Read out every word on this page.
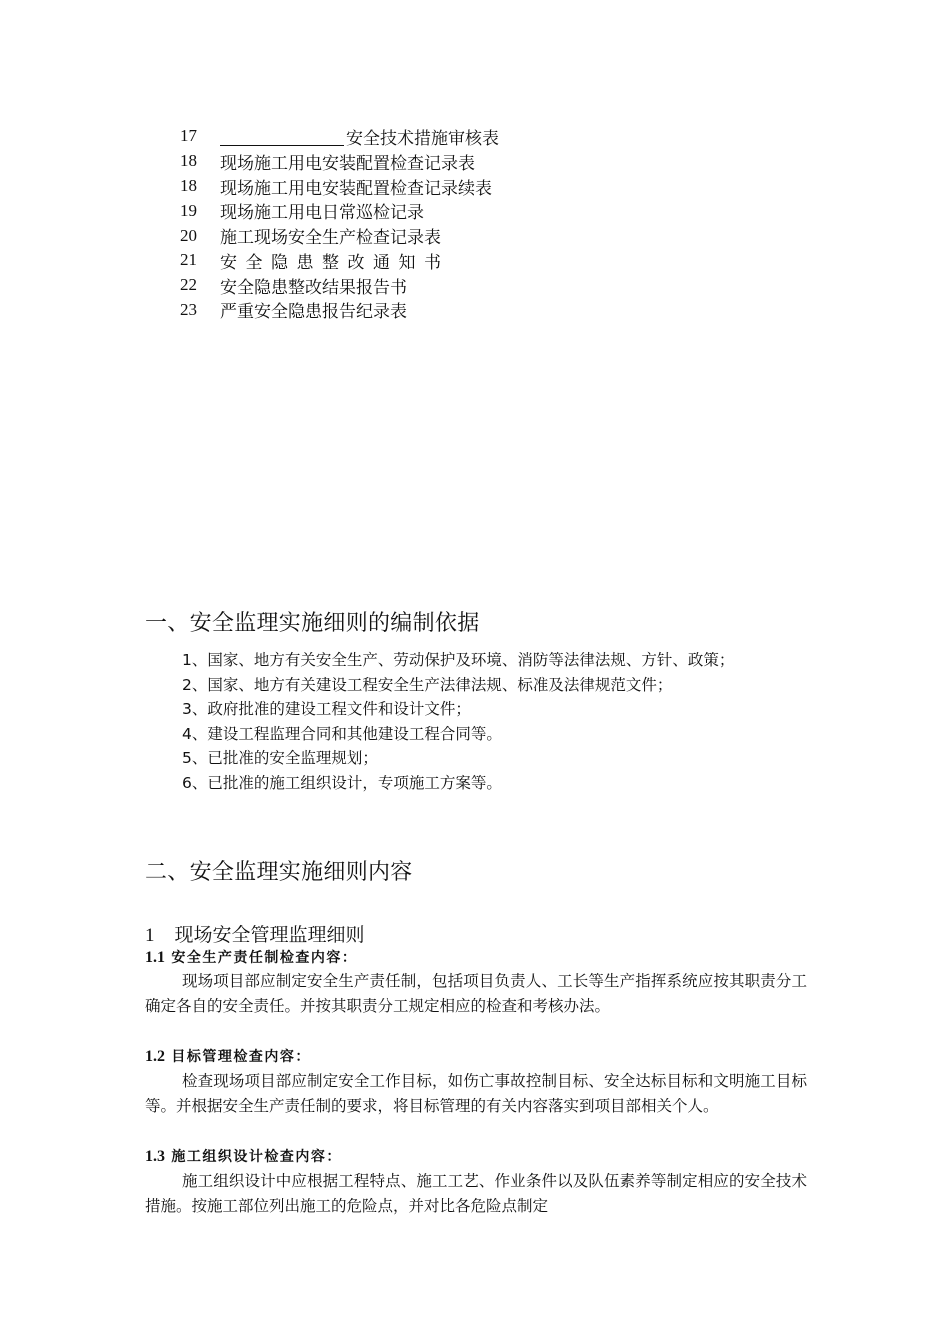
17	安全技术措施审核表
18	现场施工用电安装配置检查记录表
18	现场施工用电安装配置检查记录续表
19	现场施工用电日常巡检记录
20	施工现场安全生产检查记录表
21	安全隐患整改通知书
22	安全隐患整改结果报告书
23	严重安全隐患报告纪录表
一、安全监理实施细则的编制依据

1、国家、地方有关安全生产、劳动保护及环境、消防等法律法规、方针、政策；

2、国家、地方有关建设工程安全生产法律法规、标准及法律规范文件；

3、政府批准的建设工程文件和设计文件；

4、建设工程监理合同和其他建设工程合同等。

5、已批准的安全监理规划；

6、已批准的施工组织设计，专项施工方案等。

二、安全监理实施细则内容
1 现场安全管理监理细则
1.1 安全生产责任制检查内容：

现场项目部应制定安全生产责任制，包括项目负责人、工长等生产指挥系统应按其职责分工确定各自的安全责任。并按其职责分工规定相应的检查和考核办法。

1.2 目标管理检查内容：

检查现场项目部应制定安全工作目标，如伤亡事故控制目标、安全达标目标和文明施工目标等。并根据安全生产责任制的要求，将目标管理的有关内容落实到项目部相关个人。

1.3 施工组织设计检查内容：

施工组织设计中应根据工程特点、施工工艺、作业条件以及队伍素养等制定相应的安全技术措施。按施工部位列出施工的危险点，并对比各危险点制定
